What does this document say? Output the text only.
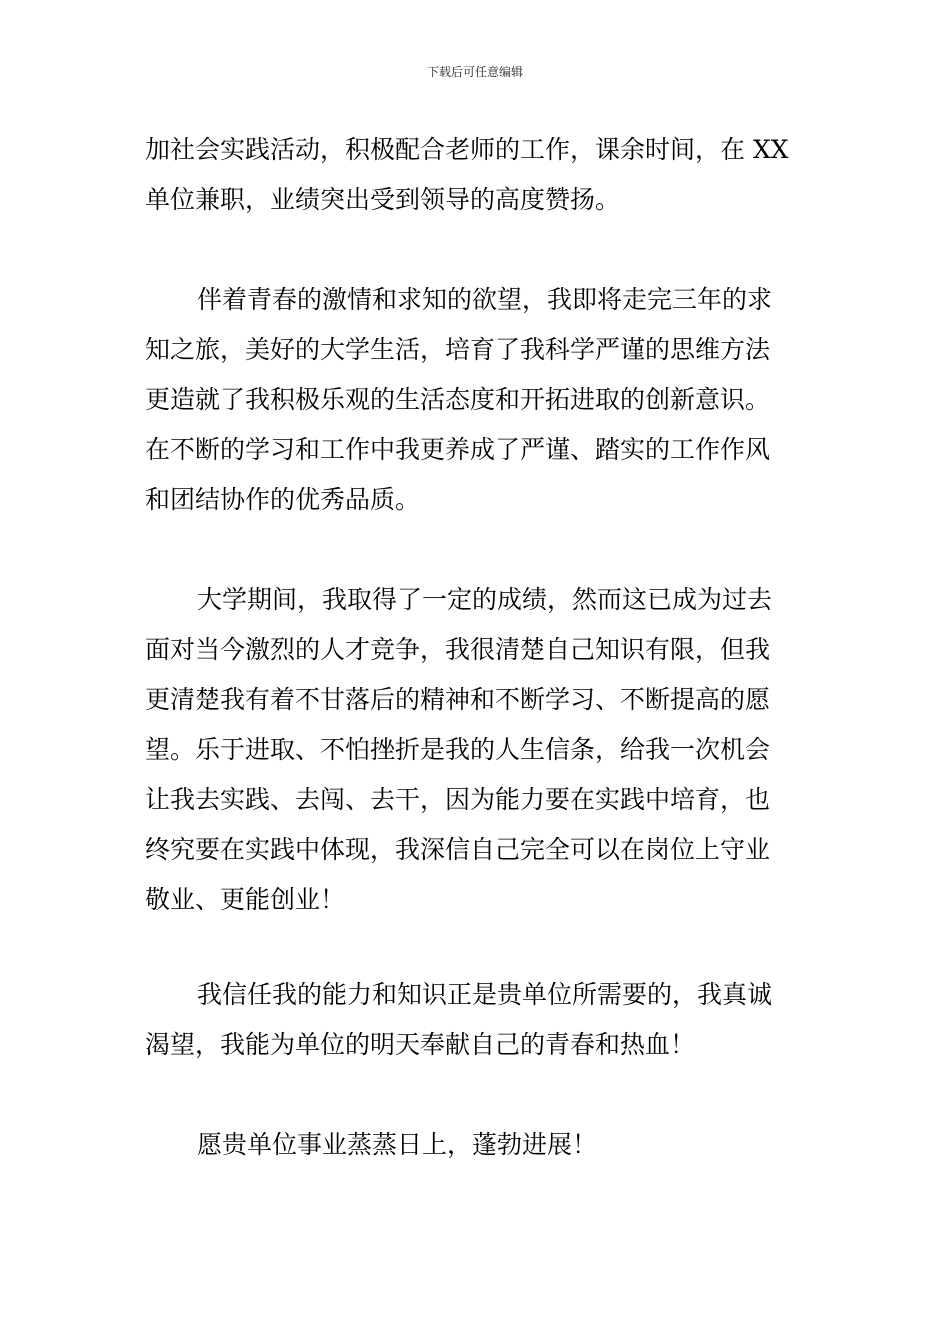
下载后可任意编辑
加社会实践活动，积极配合老师的工作，课余时间，在 XX
单位兼职，业绩突出受到领导的高度赞扬。
伴着青春的激情和求知的欲望，我即将走完三年的求
知之旅，美好的大学生活，培育了我科学严谨的思维方法
更造就了我积极乐观的生活态度和开拓进取的创新意识。
在不断的学习和工作中我更养成了严谨、踏实的工作作风
和团结协作的优秀品质。
大学期间，我取得了一定的成绩，然而这已成为过去
面对当今激烈的人才竞争，我很清楚自己知识有限，但我
更清楚我有着不甘落后的精神和不断学习、不断提高的愿
望。乐于进取、不怕挫折是我的人生信条，给我一次机会
让我去实践、去闯、去干，因为能力要在实践中培育，也
终究要在实践中体现，我深信自己完全可以在岗位上守业
敬业、更能创业！
我信任我的能力和知识正是贵单位所需要的，我真诚
渴望，我能为单位的明天奉献自己的青春和热血！
愿贵单位事业蒸蒸日上，蓬勃进展！
